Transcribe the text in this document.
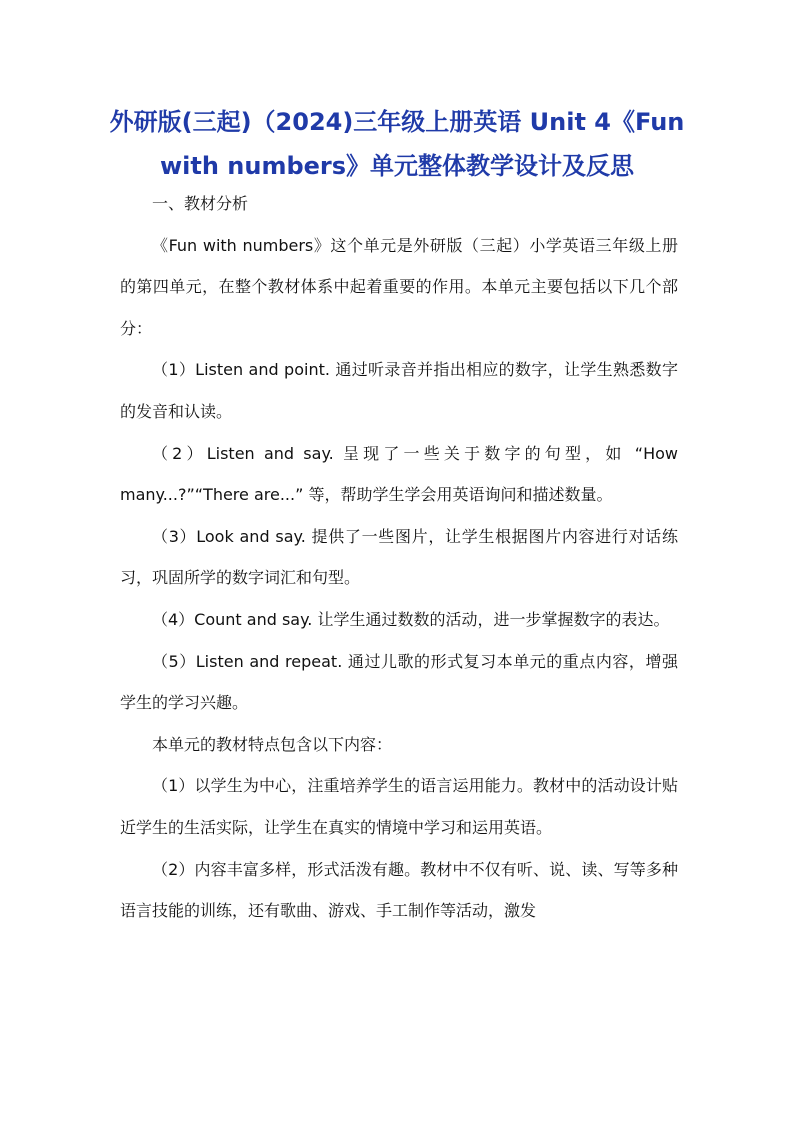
外研版(三起)（2024)三年级上册英语 Unit 4《Fun with numbers》单元整体教学设计及反思

一、教材分析

《Fun with numbers》这个单元是外研版（三起）小学英语三年级上册的第四单元，在整个教材体系中起着重要的作用。本单元主要包括以下几个部分：

（1）Listen and point. 通过听录音并指出相应的数字，让学生熟悉数字的发音和认读。

（2）Listen and say. 呈现了一些关于数字的句型，如 “How many...?”“There are...” 等，帮助学生学会用英语询问和描述数量。

（3）Look and say. 提供了一些图片，让学生根据图片内容进行对话练习，巩固所学的数字词汇和句型。

（4）Count and say. 让学生通过数数的活动，进一步掌握数字的表达。

（5）Listen and repeat. 通过儿歌的形式复习本单元的重点内容，增强学生的学习兴趣。

本单元的教材特点包含以下内容：

（1）以学生为中心，注重培养学生的语言运用能力。教材中的活动设计贴近学生的生活实际，让学生在真实的情境中学习和运用英语。

（2）内容丰富多样，形式活泼有趣。教材中不仅有听、说、读、写等多种语言技能的训练，还有歌曲、游戏、手工制作等活动，激发
